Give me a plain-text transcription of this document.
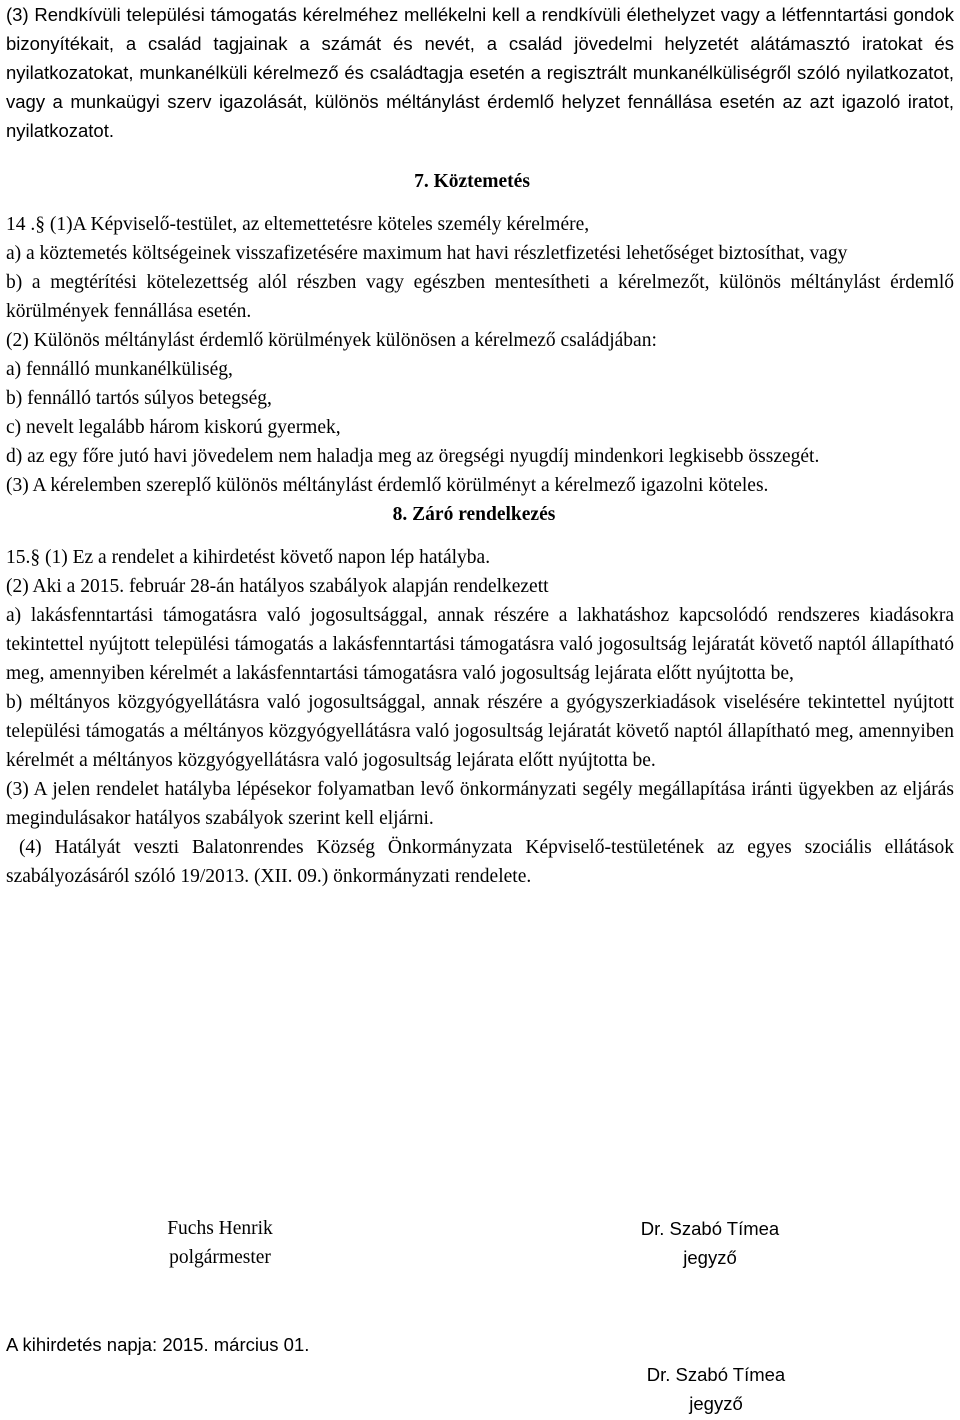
(3) Rendkívüli települési támogatás kérelméhez mellékelni kell a rendkívüli élethelyzet vagy a létfenntartási gondok bizonyítékait, a család tagjainak a számát és nevét, a család jövedelmi helyzetét alátámasztó iratokat és nyilatkozatokat, munkanélküli kérelmező és családtagja esetén a regisztrált munkanélküliségről szóló nyilatkozatot, vagy a munkaügyi szerv igazolását, különös méltánylást érdemlő helyzet fennállása esetén az azt igazoló iratot, nyilatkozatot.

7. Köztemetés

14 .§ (1)A Képviselő-testület, az eltemettetésre köteles személy kérelmére,

a) a köztemetés költségeinek visszafizetésére maximum hat havi részletfizetési lehetőséget biztosíthat, vagy

b) a megtérítési kötelezettség alól részben vagy egészben mentesítheti a kérelmezőt, különös méltánylást érdemlő körülmények fennállása esetén.

(2) Különös méltánylást érdemlő körülmények különösen a kérelmező családjában:

a) fennálló munkanélküliség,

b) fennálló tartós súlyos betegség,

c) nevelt legalább három kiskorú gyermek,

d) az egy főre jutó havi jövedelem nem haladja meg az öregségi nyugdíj mindenkori legkisebb összegét.

(3) A kérelemben szereplő különös méltánylást érdemlő körülményt a kérelmező igazolni köteles.

8. Záró rendelkezés

15.§ (1) Ez a rendelet a kihirdetést követő napon lép hatályba.

(2) Aki a 2015. február 28-án hatályos szabályok alapján rendelkezett

a) lakásfenntartási támogatásra való jogosultsággal, annak részére a lakhatáshoz kapcsolódó rendszeres kiadásokra tekintettel nyújtott települési támogatás a lakásfenntartási támogatásra való jogosultság lejáratát követő naptól állapítható meg, amennyiben kérelmét a lakásfenntartási támogatásra való jogosultság lejárata előtt nyújtotta be,

b) méltányos közgyógyellátásra való jogosultsággal, annak részére a gyógyszerkiadások viselésére tekintettel nyújtott települési támogatás a méltányos közgyógyellátásra való jogosultság lejáratát követő naptól állapítható meg, amennyiben kérelmét a méltányos közgyógyellátásra való jogosultság lejárata előtt nyújtotta be.

(3) A jelen rendelet hatályba lépésekor folyamatban levő önkormányzati segély megállapítása iránti ügyekben az eljárás megindulásakor hatályos szabályok szerint kell eljárni.

(4) Hatályát veszti Balatonrendes Község Önkormányzata Képviselő-testületének az egyes szociális ellátások szabályozásáról szóló 19/2013. (XII. 09.) önkormányzati rendelete.

Fuchs Henrik
polgármester
Dr. Szabó Tímea
jegyző
A kihirdetés napja: 2015. március 01.
Dr. Szabó Tímea
jegyző
